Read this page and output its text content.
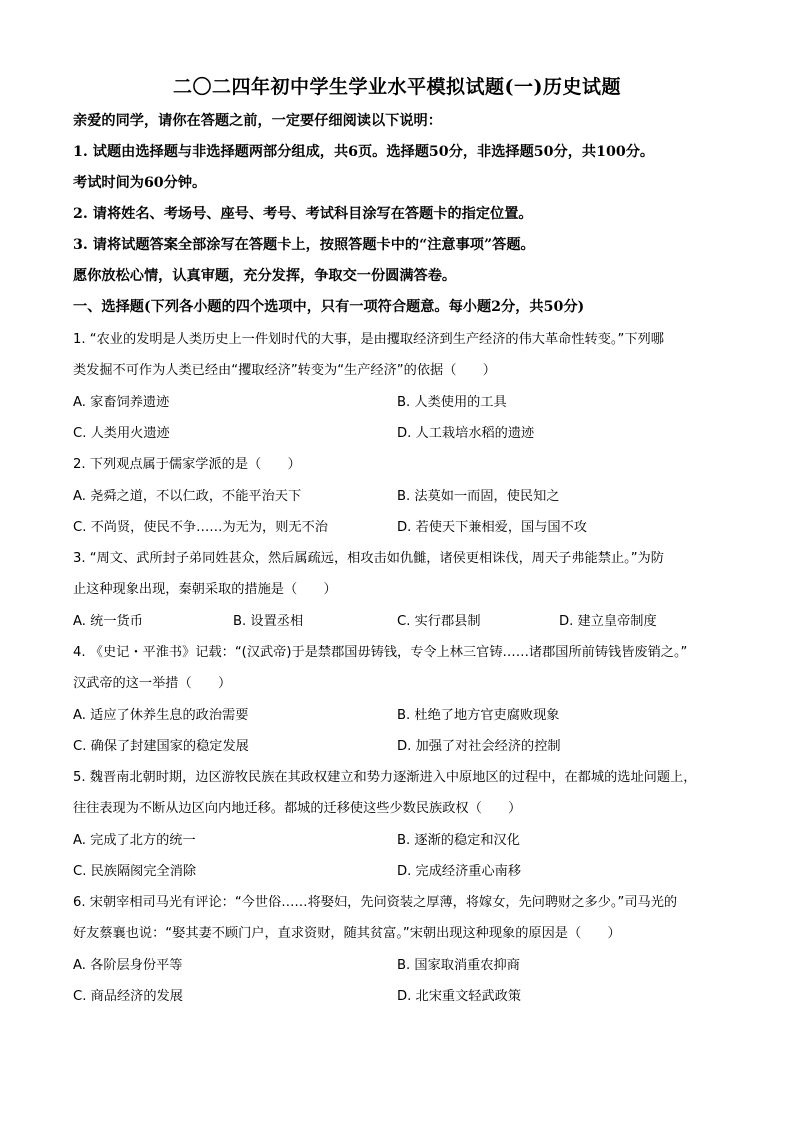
二〇二四年初中学生学业水平模拟试题(一)历史试题
亲爱的同学，请你在答题之前，一定要仔细阅读以下说明：
1. 试题由选择题与非选择题两部分组成，共6页。选择题50分，非选择题50分，共100分。
考试时间为60分钟。
2. 请将姓名、考场号、座号、考号、考试科目涂写在答题卡的指定位置。
3. 请将试题答案全部涂写在答题卡上，按照答题卡中的“注意事项”答题。
愿你放松心情，认真审题，充分发挥，争取交一份圆满答卷。
一、选择题(下列各小题的四个选项中，只有一项符合题意。每小题2分，共50分)
1. “农业的发明是人类历史上一件划时代的大事，是由攫取经济到生产经济的伟大革命性转变。”下列哪
类发掘不可作为人类已经由“攫取经济”转变为“生产经济”的依据（　　）
A. 家畜饲养遗迹	B. 人类使用的工具
C. 人类用火遗迹	D. 人工栽培水稻的遗迹
2. 下列观点属于儒家学派的是（　　）
A. 尧舜之道，不以仁政，不能平治天下	B. 法莫如一而固，使民知之
C. 不尚贤，使民不争……为无为，则无不治	D. 若使天下兼相爱，国与国不攻
3. “周文、武所封子弟同姓甚众，然后属疏远，相攻击如仇雠，诸侯更相诛伐，周天子弗能禁止。”为防
止这种现象出现，秦朝采取的措施是（　　）
A. 统一货币	B. 设置丞相	C. 实行郡县制	D. 建立皇帝制度
4. 《史记・平淮书》记载：“(汉武帝)于是禁郡国毋铸钱，专令上林三官铸……诸郡国所前铸钱皆废销之。”
汉武帝的这一举措（　　）
A. 适应了休养生息的政治需要	B. 杜绝了地方官吏腐败现象
C. 确保了封建国家的稳定发展	D. 加强了对社会经济的控制
5. 魏晋南北朝时期，边区游牧民族在其政权建立和势力逐渐进入中原地区的过程中，在都城的选址问题上，
往往表现为不断从边区向内地迁移。都城的迁移使这些少数民族政权（　　）
A. 完成了北方的统一	B. 逐渐的稳定和汉化
C. 民族隔阂完全消除	D. 完成经济重心南移
6. 宋朝宰相司马光有评论：“今世俗……将娶妇，先问资装之厚薄，将嫁女，先问聘财之多少。”司马光的
好友蔡襄也说：“娶其妻不顾门户，直求资财，随其贫富。”宋朝出现这种现象的原因是（　　）
A. 各阶层身份平等	B. 国家取消重农抑商
C. 商品经济的发展	D. 北宋重文轻武政策
